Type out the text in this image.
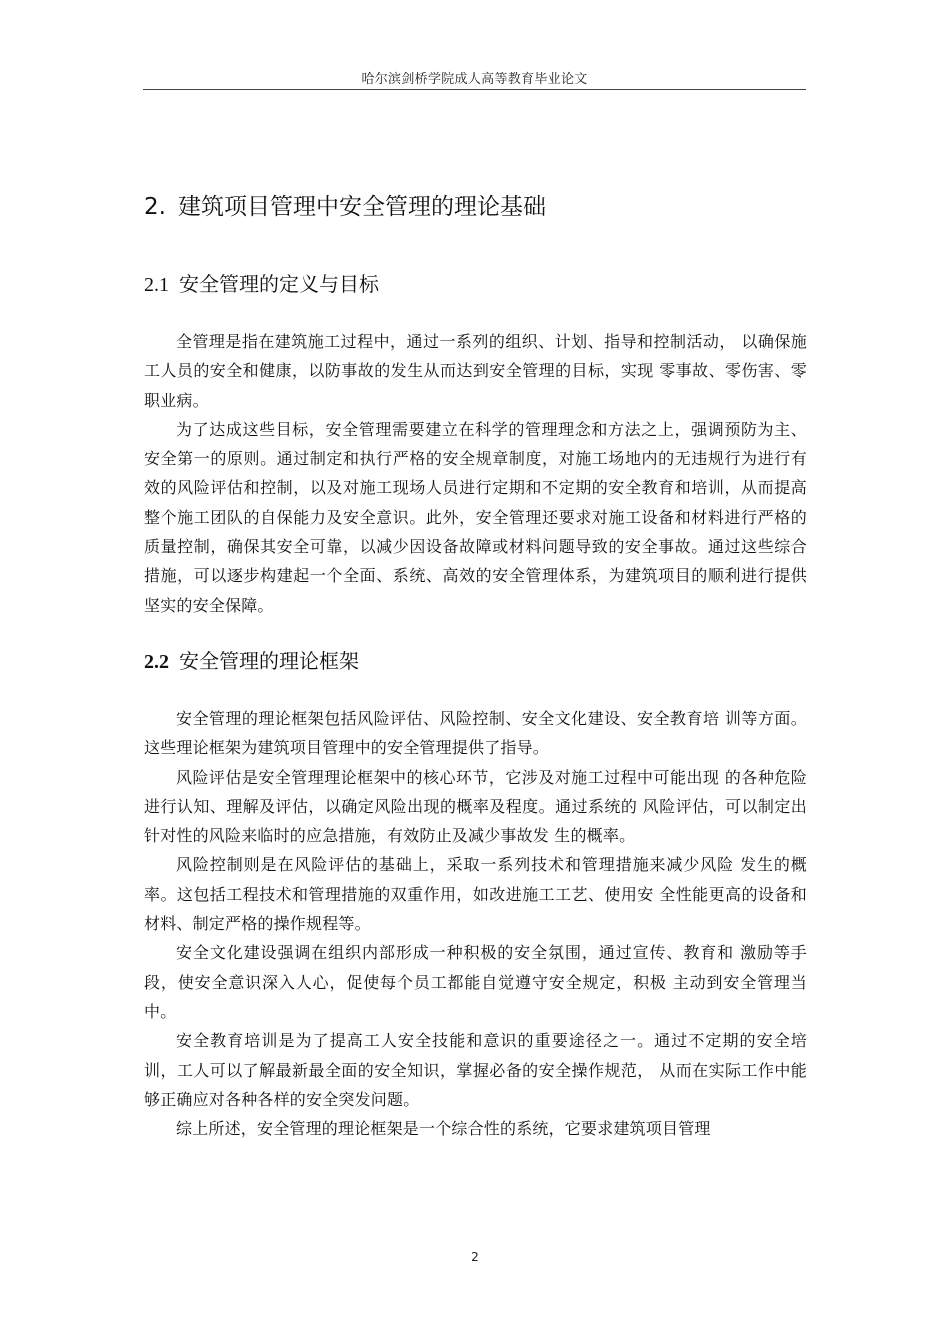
哈尔滨剑桥学院成人高等教育毕业论文
2. 建筑项目管理中安全管理的理论基础
2.1 安全管理的定义与目标

全管理是指在建筑施工过程中，通过一系列的组织、计划、指导和控制活动， 以确保施工人员的安全和健康，以防事故的发生从而达到安全管理的目标，实现 零事故、零伤害、零职业病。

为了达成这些目标，安全管理需要建立在科学的管理理念和方法之上，强调预防为主、安全第一的原则。通过制定和执行严格的安全规章制度，对施工场地内的无违规行为进行有效的风险评估和控制，以及对施工现场人员进行定期和不定期的安全教育和培训，从而提高整个施工团队的自保能力及安全意识。此外，安全管理还要求对施工设备和材料进行严格的质量控制，确保其安全可靠，以减少因设备故障或材料问题导致的安全事故。通过这些综合措施，可以逐步构建起一个全面、系统、高效的安全管理体系，为建筑项目的顺利进行提供坚实的安全保障。

2.2 安全管理的理论框架

安全管理的理论框架包括风险评估、风险控制、安全文化建设、安全教育培 训等方面。这些理论框架为建筑项目管理中的安全管理提供了指导。

风险评估是安全管理理论框架中的核心环节，它涉及对施工过程中可能出现 的各种危险进行认知、理解及评估，以确定风险出现的概率及程度。通过系统的 风险评估，可以制定出针对性的风险来临时的应急措施，有效防止及减少事故发 生的概率。

风险控制则是在风险评估的基础上，采取一系列技术和管理措施来减少风险 发生的概率。这包括工程技术和管理措施的双重作用，如改进施工工艺、使用安 全性能更高的设备和材料、制定严格的操作规程等。

安全文化建设强调在组织内部形成一种积极的安全氛围，通过宣传、教育和 激励等手段，使安全意识深入人心，促使每个员工都能自觉遵守安全规定，积极 主动到安全管理当中。

安全教育培训是为了提高工人安全技能和意识的重要途径之一。通过不定期的安全培训，工人可以了解最新最全面的安全知识，掌握必备的安全操作规范， 从而在实际工作中能够正确应对各种各样的安全突发问题。

综上所述，安全管理的理论框架是一个综合性的系统，它要求建筑项目管理

2
